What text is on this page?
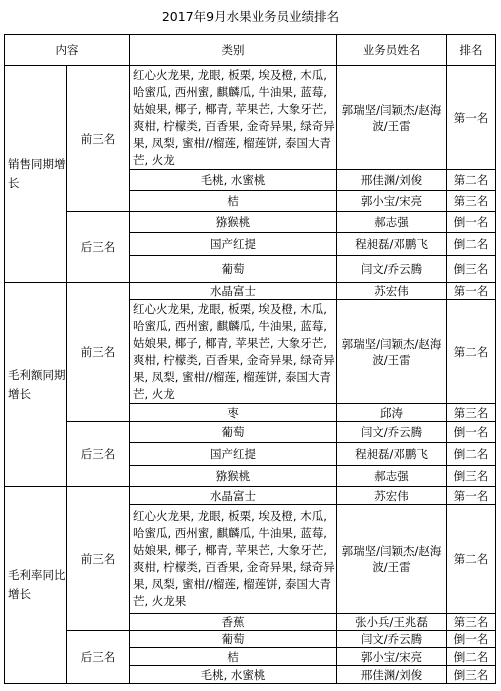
2017年9月水果业务员业绩排名
内容		类别	业务员姓名	排名
销售同期增长	前三名	红心火龙果, 龙眼, 板栗, 埃及橙, 木瓜, 哈蜜瓜, 西州蜜, 麒麟瓜, 牛油果, 蓝莓, 姑娘果, 椰子, 椰青, 苹果芒, 大象牙芒, 爽柑, 柠檬类, 百香果, 金奇异果, 绿奇异果, 凤梨, 蜜柑//榴莲, 榴莲饼, 泰国大青芒, 火龙	郭瑞坚/闫颖杰/赵海波/王雷	第一名
		毛桃, 水蜜桃	邢佳渊/刘俊	第二名
		桔	郭小宝/宋亮	第三名
	后三名	猕猴桃	郝志强	倒一名
		国产红提	程昶磊/邓鹏飞	倒二名
		葡萄	闫文/乔云腾	倒三名
毛利额同期增长	前三名	水晶富士	苏宏伟	第一名
		红心火龙果, 龙眼, 板栗, 埃及橙, 木瓜, 哈蜜瓜, 西州蜜, 麒麟瓜, 牛油果, 蓝莓, 姑娘果, 椰子, 椰青, 苹果芒, 大象牙芒, 爽柑, 柠檬类, 百香果, 金奇异果, 绿奇异果, 凤梨, 蜜柑//榴莲, 榴莲饼, 泰国大青芒, 火龙	郭瑞坚/闫颖杰/赵海波/王雷	第二名
		枣	邱涛	第三名
	后三名	葡萄	闫文/乔云腾	倒一名
		国产红提	程昶磊/邓鹏飞	倒二名
		猕猴桃	郝志强	倒三名
毛利率同比增长	前三名	水晶富士	苏宏伟	第一名
		红心火龙果, 龙眼, 板栗, 埃及橙, 木瓜, 哈蜜瓜, 西州蜜, 麒麟瓜, 牛油果, 蓝莓, 姑娘果, 椰子, 椰青, 苹果芒, 大象牙芒, 爽柑, 柠檬类, 百香果, 金奇异果, 绿奇异果, 凤梨, 蜜柑//榴莲, 榴莲饼, 泰国大青芒, 火龙果	郭瑞坚/闫颖杰/赵海波/王雷	第二名
		香蕉	张小兵/王兆磊	第三名
	后三名	葡萄	闫文/乔云腾	倒一名
		桔	郭小宝/宋亮	倒二名
		毛桃, 水蜜桃	邢佳渊/刘俊	倒三名
